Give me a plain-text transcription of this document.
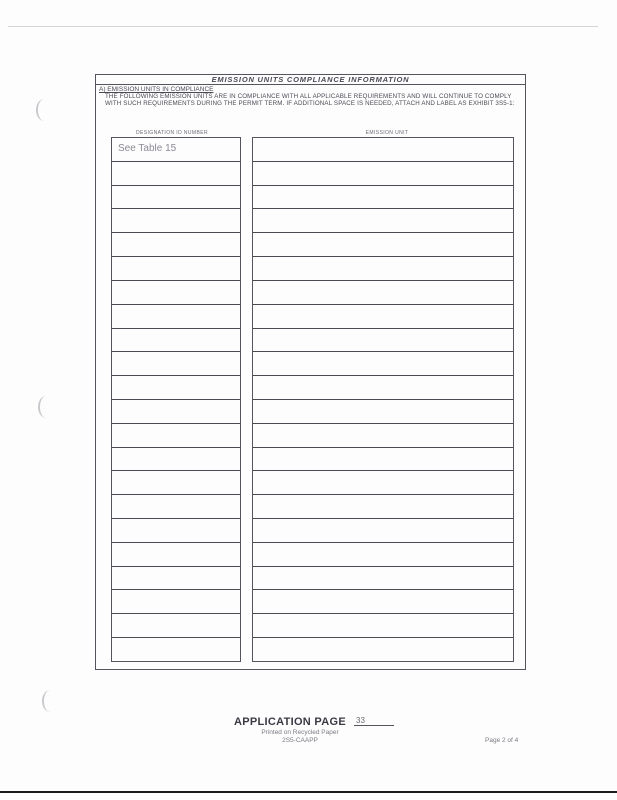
EMISSION UNITS COMPLIANCE INFORMATION
A) EMISSION UNITS IN COMPLIANCE
THE FOLLOWING EMISSION UNITS ARE IN COMPLIANCE WITH ALL APPLICABLE REQUIREMENTS AND WILL CONTINUE TO COMPLY WITH SUCH REQUIREMENTS DURING THE PERMIT TERM. IF ADDITIONAL SPACE IS NEEDED, ATTACH AND LABEL AS EXHIBIT 3S5-1:
DESIGNATION ID NUMBER	EMISSION UNIT
See Table 15
APPLICATION PAGE 33
Printed on Recycled Paper
2S5-CAAPP	Page 2 of 4
